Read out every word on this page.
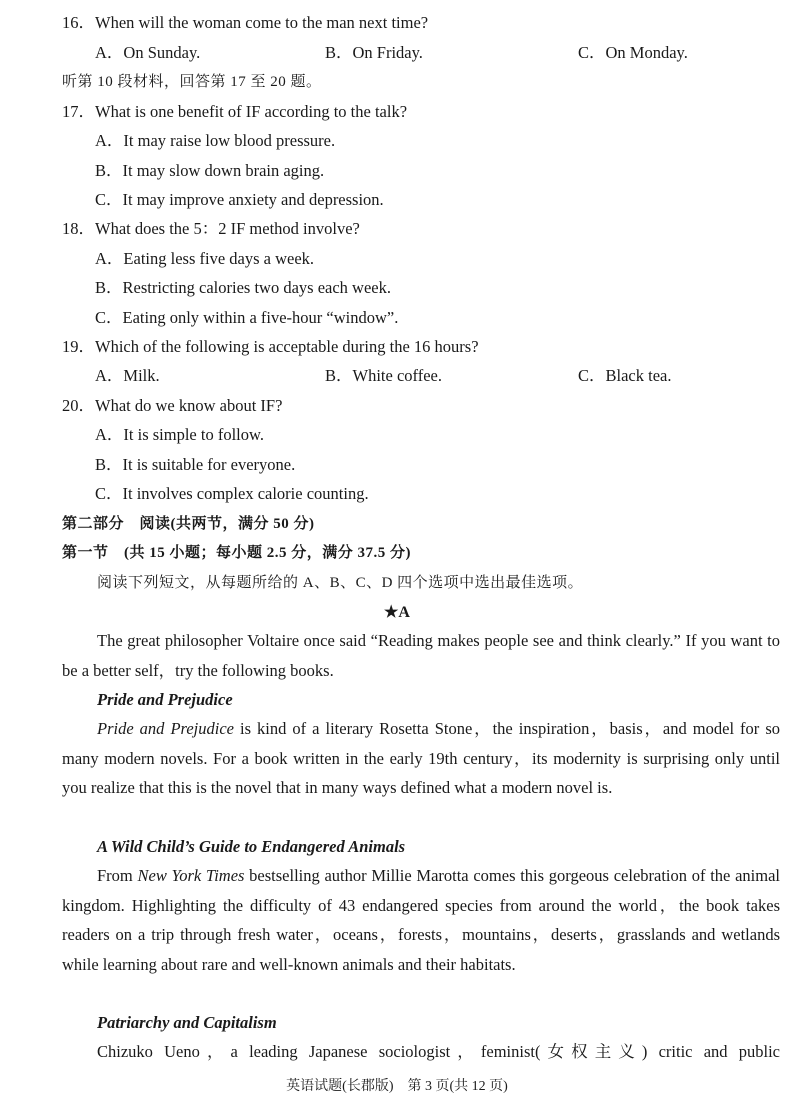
16．When will the woman come to the man next time?
A．On Sunday.	B．On Friday.	C．On Monday.
听第 10 段材料，回答第 17 至 20 题。
17．What is one benefit of IF according to the talk?
A．It may raise low blood pressure.
B．It may slow down brain aging.
C．It may improve anxiety and depression.
18．What does the 5：2 IF method involve?
A．Eating less five days a week.
B．Restricting calories two days each week.
C．Eating only within a five-hour “window”.
19．Which of the following is acceptable during the 16 hours?
A．Milk.	B．White coffee.	C．Black tea.
20．What do we know about IF?
A．It is simple to follow.
B．It is suitable for everyone.
C．It involves complex calorie counting.
第二部分　阅读(共两节，满分 50 分)
第一节　(共 15 小题；每小题 2.5 分，满分 37.5 分)
阅读下列短文，从每题所给的 A、B、C、D 四个选项中选出最佳选项。
★A

The great philosopher Voltaire once said “Reading makes people see and think clearly.” If you want to be a better self，try the following books.

Pride and Prejudice

Pride and Prejudice is kind of a literary Rosetta Stone，the inspiration，basis，and model for so many modern novels. For a book written in the early 19th century，its modernity is surprising only until you realize that this is the novel that in many ways defined what a modern novel is.

A Wild Child’s Guide to Endangered Animals

From New York Times bestselling author Millie Marotta comes this gorgeous celebration of the animal kingdom. Highlighting the difficulty of 43 endangered species from around the world，the book takes readers on a trip through fresh water，oceans，forests，mountains，deserts，grasslands and wetlands while learning about rare and well-known animals and their habitats.

Patriarchy and Capitalism

Chizuko Ueno，a leading Japanese sociologist，feminist(女权主义) critic and public

英语试题(长郡版)　第 3 页(共 12 页)
